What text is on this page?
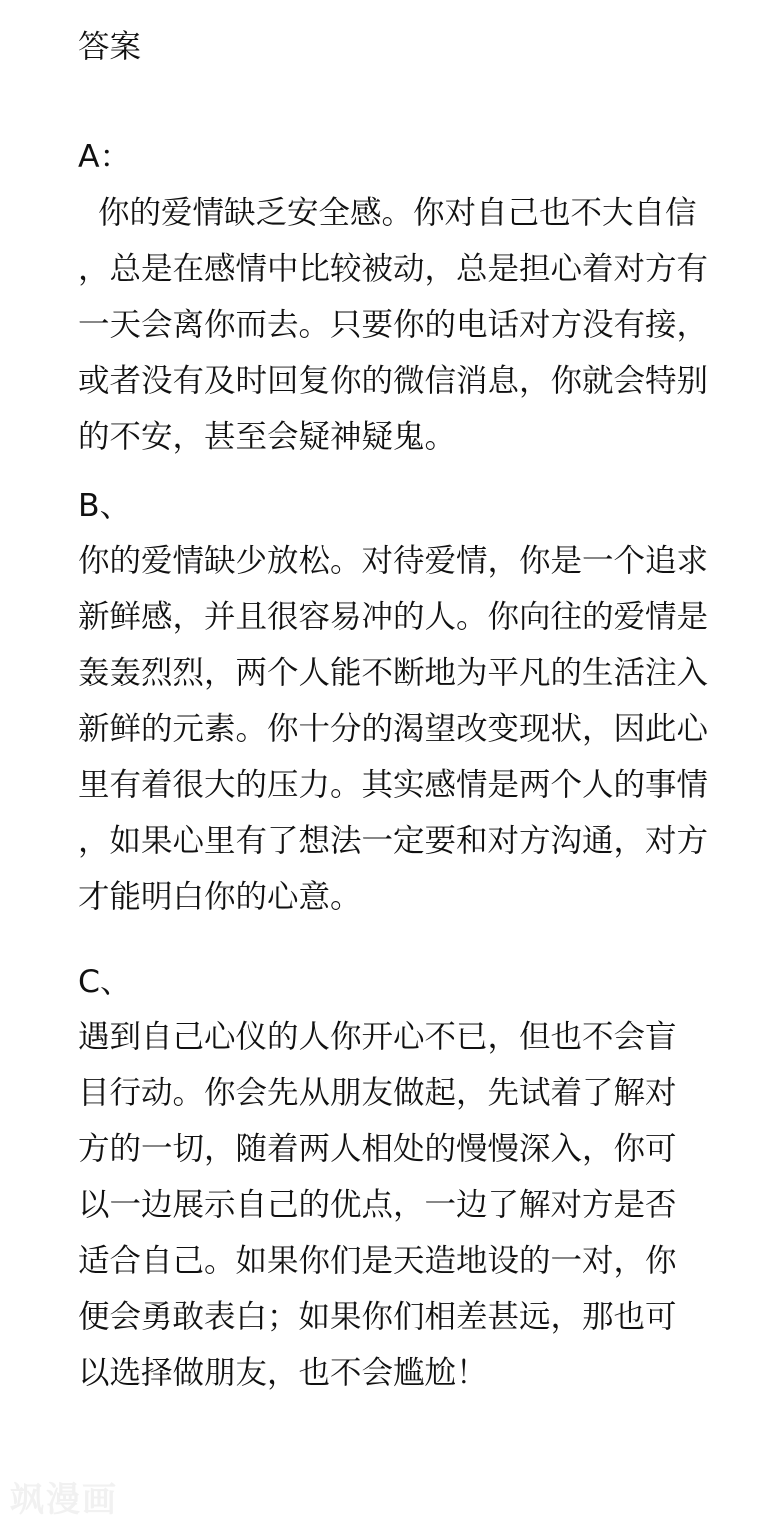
答案
A：
你的爱情缺乏安全感。你对自己也不大自信
，总是在感情中比较被动，总是担心着对方有
一天会离你而去。只要你的电话对方没有接，
或者没有及时回复你的微信消息，你就会特别
的不安，甚至会疑神疑鬼。
B、
你的爱情缺少放松。对待爱情，你是一个追求
新鲜感，并且很容易冲的人。你向往的爱情是
轰轰烈烈，两个人能不断地为平凡的生活注入
新鲜的元素。你十分的渴望改变现状，因此心
里有着很大的压力。其实感情是两个人的事情
，如果心里有了想法一定要和对方沟通，对方
才能明白你的心意。
C、
遇到自己心仪的人你开心不已，但也不会盲
目行动。你会先从朋友做起，先试着了解对
方的一切，随着两人相处的慢慢深入，你可
以一边展示自己的优点，一边了解对方是否
适合自己。如果你们是天造地设的一对，你
便会勇敢表白；如果你们相差甚远，那也可
以选择做朋友，也不会尴尬！
飒漫画
